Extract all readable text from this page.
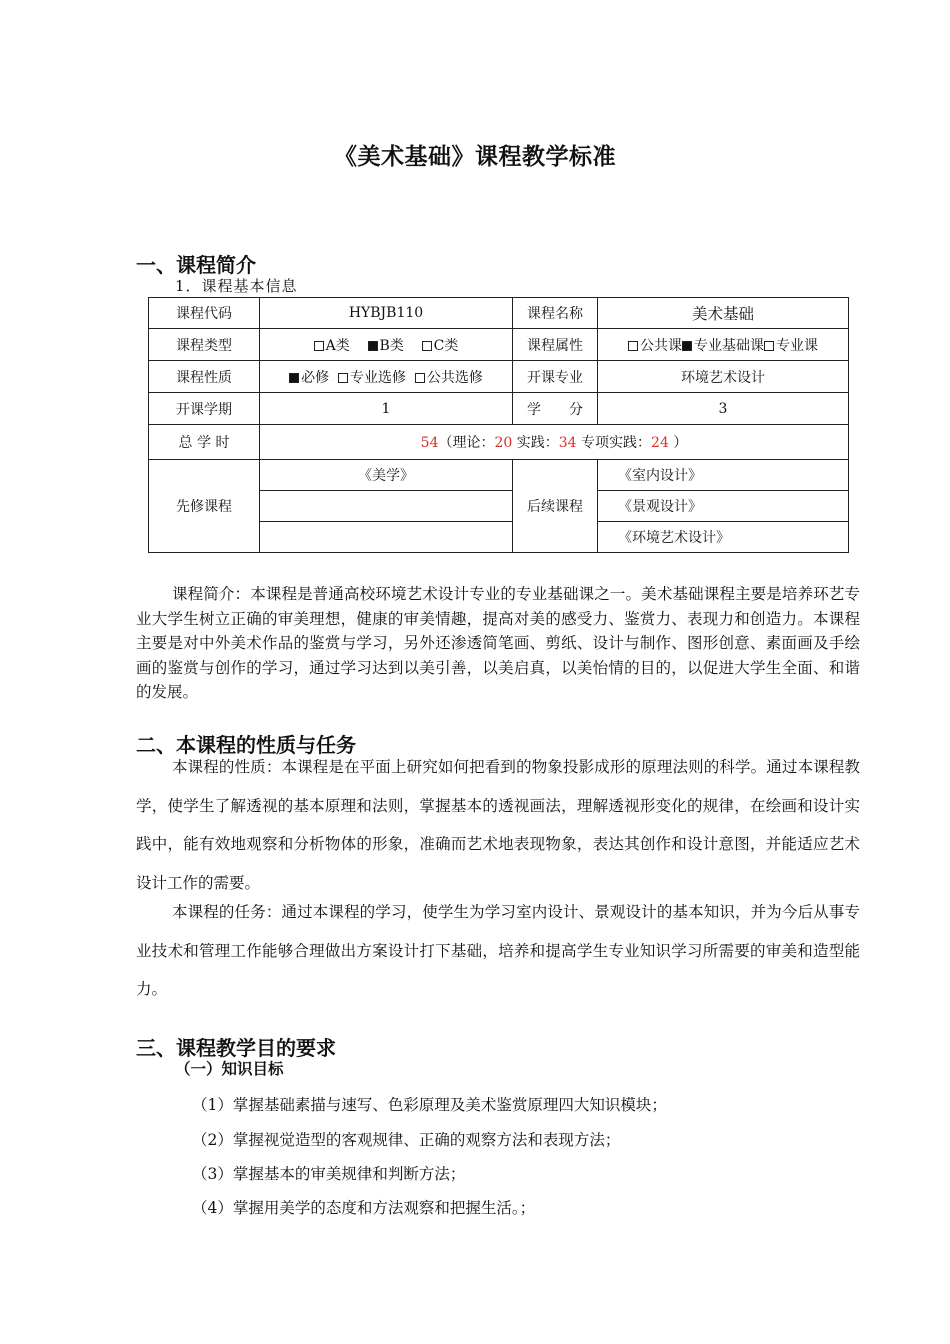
《美术基础》课程教学标准
一、课程简介
1．课程基本信息
课程代码	HYBJB110	课程名称	美术基础
课程类型	A类 B类 C类	课程属性	公共课 专业基础课 专业课
课程性质	必修 专业选修 公共选修	开课专业	环境艺术设计
开课学期	1	学　　分	3
总 学 时	54（理论：20 实践：34 专项实践：24 ）		
先修课程	《美学》	后续课程	《室内设计》
			《景观设计》
			《环境艺术设计》
课程简介：本课程是普通高校环境艺术设计专业的专业基础课之一。美术基础课程主要是培养环艺专业大学生树立正确的审美理想，健康的审美情趣，提高对美的感受力、鉴赏力、表现力和创造力。本课程主要是对中外美术作品的鉴赏与学习，另外还渗透简笔画、剪纸、设计与制作、图形创意、素面画及手绘画的鉴赏与创作的学习，通过学习达到以美引善，以美启真，以美怡情的目的，以促进大学生全面、和谐的发展。
二、本课程的性质与任务
本课程的性质：本课程是在平面上研究如何把看到的物象投影成形的原理法则的科学。通过本课程教学，使学生了解透视的基本原理和法则，掌握基本的透视画法，理解透视形变化的规律，在绘画和设计实践中，能有效地观察和分析物体的形象，准确而艺术地表现物象，表达其创作和设计意图，并能适应艺术设计工作的需要。
本课程的任务：通过本课程的学习，使学生为学习室内设计、景观设计的基本知识，并为今后从事专业技术和管理工作能够合理做出方案设计打下基础，培养和提高学生专业知识学习所需要的审美和造型能力。
三、课程教学目的要求
（一）知识目标
（1）掌握基础素描与速写、色彩原理及美术鉴赏原理四大知识模块；
（2）掌握视觉造型的客观规律、正确的观察方法和表现方法；
（3）掌握基本的审美规律和判断方法；
（4）掌握用美学的态度和方法观察和把握生活。；
